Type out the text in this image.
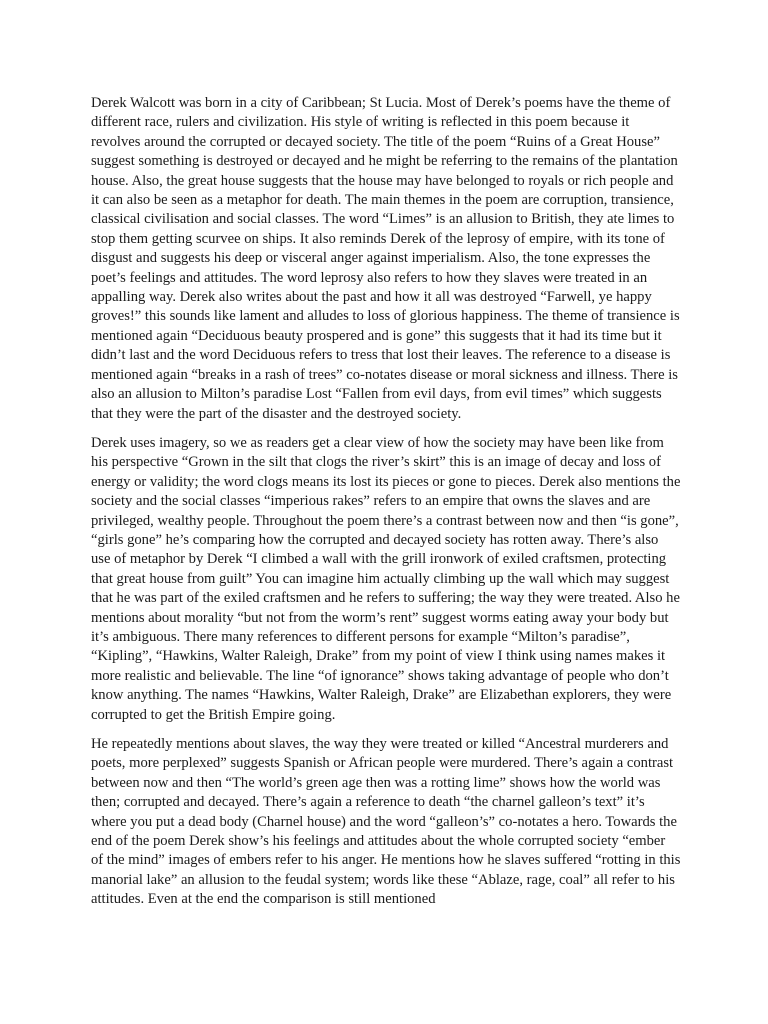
Derek Walcott was born in a city of Caribbean; St Lucia. Most of Derek’s poems have the theme of different race, rulers and civilization. His style of writing is reflected in this poem because it revolves around the corrupted or decayed society. The title of the poem “Ruins of a Great House” suggest something is destroyed or decayed and he might be referring to the remains of the plantation house. Also, the great house suggests that the house may have belonged to royals or rich people and it can also be seen as a metaphor for death. The main themes in the poem are corruption, transience, classical civilisation and social classes. The word “Limes” is an allusion to British, they ate limes to stop them getting scurvee on ships. It also reminds Derek of the leprosy of empire, with its tone of disgust and suggests his deep or visceral anger against imperialism. Also, the tone expresses the poet’s feelings and attitudes. The word leprosy also refers to how they slaves were treated in an appalling way. Derek also writes about the past and how it all was destroyed “Farwell, ye happy groves!” this sounds like lament and alludes to loss of glorious happiness. The theme of transience is mentioned again “Deciduous beauty prospered and is gone” this suggests that it had its time but it didn’t last and the word Deciduous refers to tress that lost their leaves. The reference to a disease is mentioned again “breaks in a rash of trees” co-notates disease or moral sickness and illness. There is also an allusion to Milton’s paradise Lost “Fallen from evil days, from evil times” which suggests that they were the part of the disaster and the destroyed society.

Derek uses imagery, so we as readers get a clear view of how the society may have been like from his perspective “Grown in the silt that clogs the river’s skirt” this is an image of decay and loss of energy or validity; the word clogs means its lost its pieces or gone to pieces. Derek also mentions the society and the social classes “imperious rakes” refers to an empire that owns the slaves and are privileged, wealthy people. Throughout the poem there’s a contrast between now and then “is gone”, “girls gone” he’s comparing how the corrupted and decayed society has rotten away. There’s also use of metaphor by Derek “I climbed a wall with the grill ironwork of exiled craftsmen, protecting that great house from guilt” You can imagine him actually climbing up the wall which may suggest that he was part of the exiled craftsmen and he refers to suffering; the way they were treated. Also he mentions about morality “but not from the worm’s rent” suggest worms eating away your body but it’s ambiguous. There many references to different persons for example “Milton’s paradise”, “Kipling”, “Hawkins, Walter Raleigh, Drake” from my point of view I think using names makes it more realistic and believable. The line “of ignorance” shows taking advantage of people who don’t know anything. The names “Hawkins, Walter Raleigh, Drake” are Elizabethan explorers, they were corrupted to get the British Empire going.

He repeatedly mentions about slaves, the way they were treated or killed “Ancestral murderers and poets, more perplexed” suggests Spanish or African people were murdered. There’s again a contrast between now and then “The world’s green age then was a rotting lime” shows how the world was then; corrupted and decayed. There’s again a reference to death “the charnel galleon’s text” it’s where you put a dead body (Charnel house) and the word “galleon’s” co-notates a hero. Towards the end of the poem Derek show’s his feelings and attitudes about the whole corrupted society “ember of the mind” images of embers refer to his anger. He mentions how he slaves suffered “rotting in this manorial lake” an allusion to the feudal system; words like these “Ablaze, rage, coal” all refer to his attitudes. Even at the end the comparison is still mentioned
